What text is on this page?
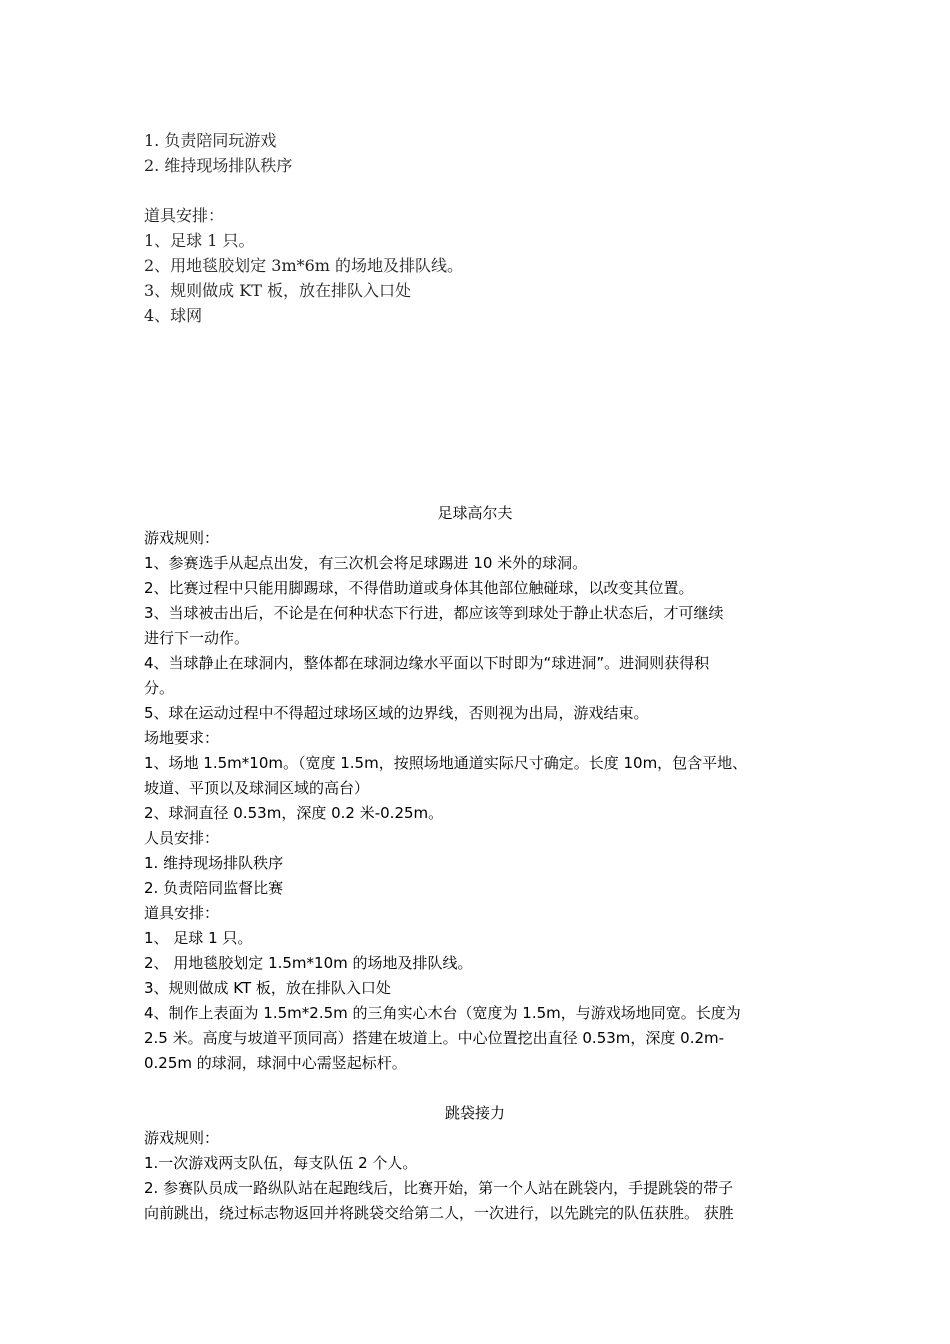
1. 负责陪同玩游戏
2. 维持现场排队秩序
道具安排：
1、足球 1 只。
2、用地毯胶划定 3m*6m 的场地及排队线。
3、规则做成 KT 板，放在排队入口处
4、球网
足球高尔夫
游戏规则：
1、参赛选手从起点出发，有三次机会将足球踢进 10 米外的球洞。
2、比赛过程中只能用脚踢球，不得借助道或身体其他部位触碰球，以改变其位置。
3、当球被击出后，不论是在何种状态下行进，都应该等到球处于静止状态后，才可继续
进行下一动作。
4、当球静止在球洞内，整体都在球洞边缘水平面以下时即为“球进洞”。进洞则获得积
分。
5、球在运动过程中不得超过球场区域的边界线，否则视为出局，游戏结束。
场地要求：
1、场地 1.5m*10m。（宽度 1.5m，按照场地通道实际尺寸确定。长度 10m，包含平地、
坡道、平顶以及球洞区域的高台）
2、球洞直径 0.53m，深度 0.2 米-0.25m。
人员安排：
1. 维持现场排队秩序
2. 负责陪同监督比赛
道具安排：
1、 足球 1 只。
2、 用地毯胶划定 1.5m*10m 的场地及排队线。
3、规则做成 KT 板，放在排队入口处
4、制作上表面为 1.5m*2.5m 的三角实心木台（宽度为 1.5m，与游戏场地同宽。长度为
2.5 米。高度与坡道平顶同高）搭建在坡道上。中心位置挖出直径 0.53m，深度 0.2m-
0.25m 的球洞，球洞中心需竖起标杆。
跳袋接力
游戏规则：
1.一次游戏两支队伍，每支队伍 2 个人。
2. 参赛队员成一路纵队站在起跑线后，比赛开始，第一个人站在跳袋内，手提跳袋的带子
向前跳出，绕过标志物返回并将跳袋交给第二人，一次进行，以先跳完的队伍获胜。 获胜
